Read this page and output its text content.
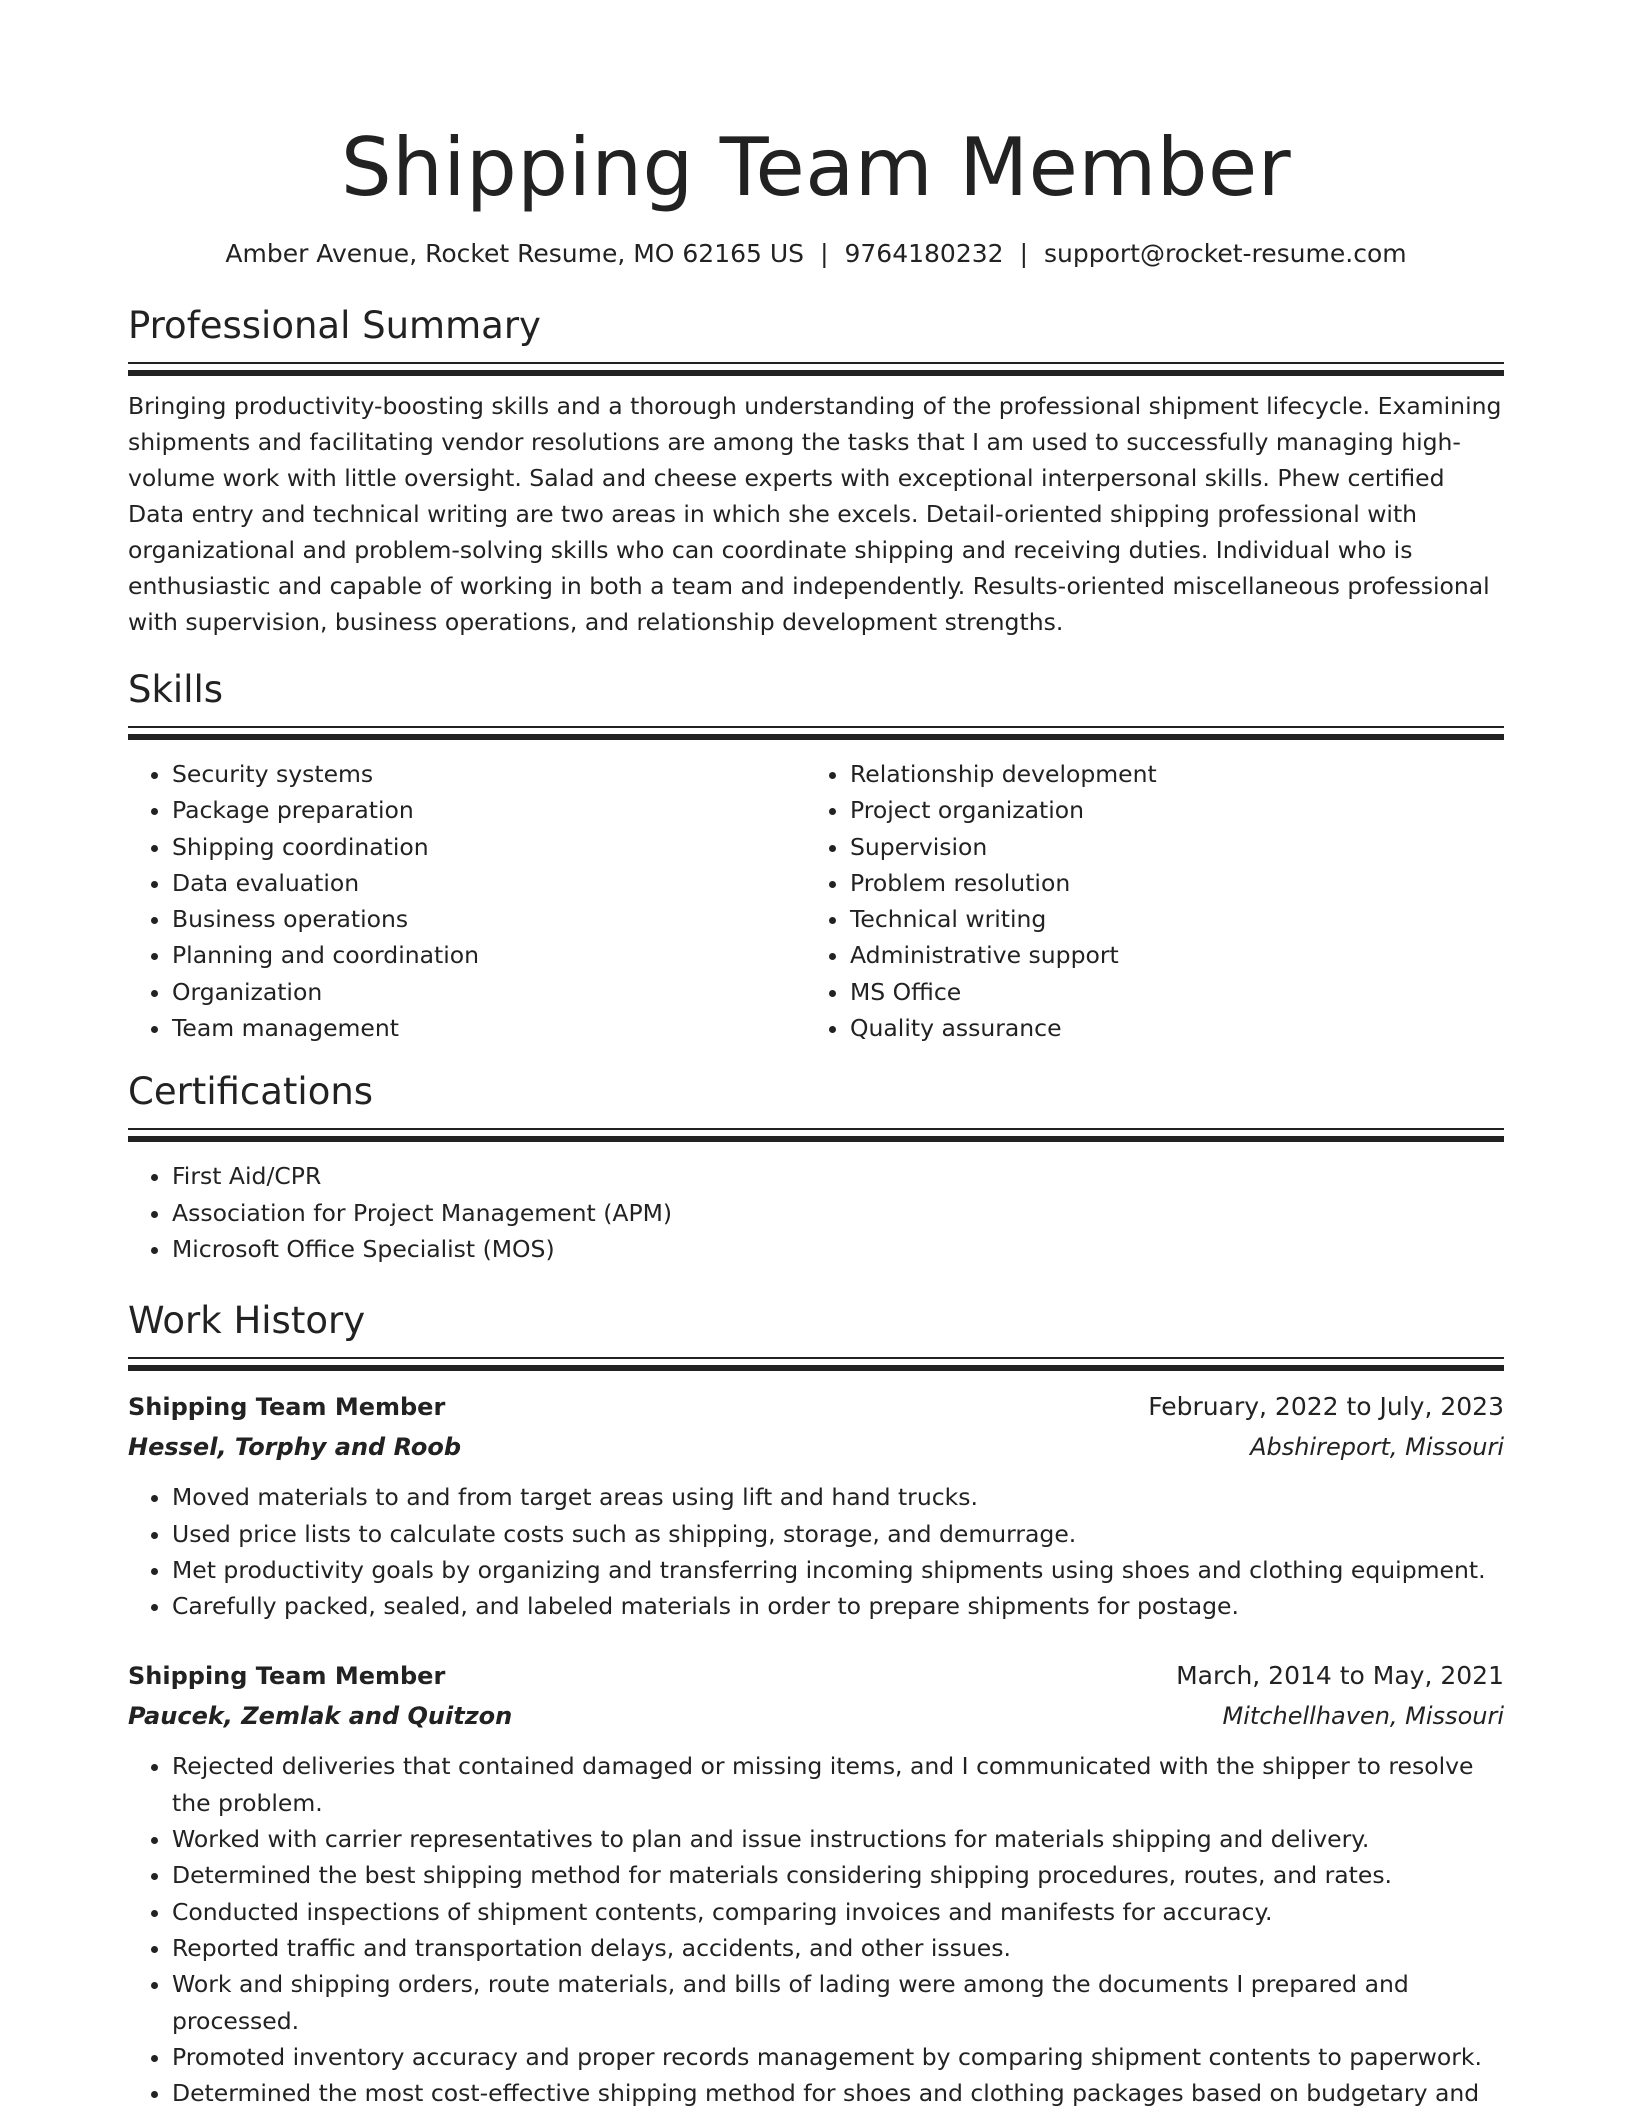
Shipping Team Member
Amber Avenue, Rocket Resume, MO 62165 US | 9764180232 | support@rocket-resume.com
Professional Summary
Bringing productivity-boosting skills and a thorough understanding of the professional shipment lifecycle. Examining shipments and facilitating vendor resolutions are among the tasks that I am used to successfully managing high-volume work with little oversight. Salad and cheese experts with exceptional interpersonal skills. Phew certified Data entry and technical writing are two areas in which she excels. Detail-oriented shipping professional with organizational and problem-solving skills who can coordinate shipping and receiving duties. Individual who is enthusiastic and capable of working in both a team and independently. Results-oriented miscellaneous professional with supervision, business operations, and relationship development strengths.
Skills
• Security systems
• Package preparation
• Shipping coordination
• Data evaluation
• Business operations
• Planning and coordination
• Organization
• Team management
• Relationship development
• Project organization
• Supervision
• Problem resolution
• Technical writing
• Administrative support
• MS Office
• Quality assurance
Certifications
• First Aid/CPR
• Association for Project Management (APM)
• Microsoft Office Specialist (MOS)
Work History
Shipping Team Member	February, 2022 to July, 2023
Hessel, Torphy and Roob	Abshireport, Missouri
• Moved materials to and from target areas using lift and hand trucks.
• Used price lists to calculate costs such as shipping, storage, and demurrage.
• Met productivity goals by organizing and transferring incoming shipments using shoes and clothing equipment.
• Carefully packed, sealed, and labeled materials in order to prepare shipments for postage.
Shipping Team Member	March, 2014 to May, 2021
Paucek, Zemlak and Quitzon	Mitchellhaven, Missouri
• Rejected deliveries that contained damaged or missing items, and I communicated with the shipper to resolve the problem.
• Worked with carrier representatives to plan and issue instructions for materials shipping and delivery.
• Determined the best shipping method for materials considering shipping procedures, routes, and rates.
• Conducted inspections of shipment contents, comparing invoices and manifests for accuracy.
• Reported traffic and transportation delays, accidents, and other issues.
• Work and shipping orders, route materials, and bills of lading were among the documents I prepared and processed.
• Promoted inventory accuracy and proper records management by comparing shipment contents to paperwork.
• Determined the most cost-effective shipping method for shoes and clothing packages based on budgetary and
